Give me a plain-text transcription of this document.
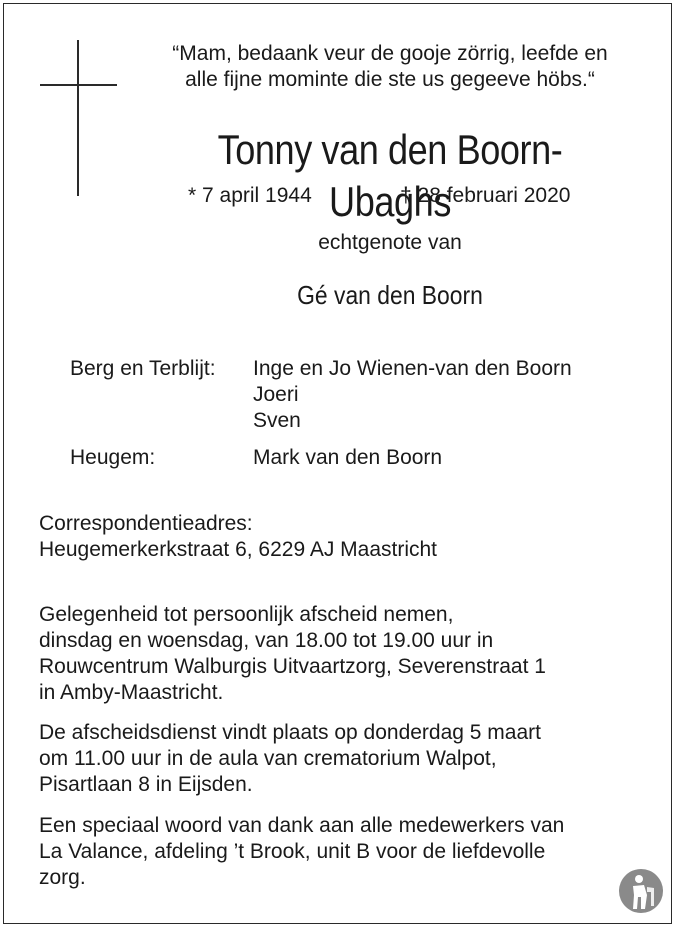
“Mam, bedaank veur de gooje zörrig, leefde en
alle fijne mominte die ste us gegeeve höbs.“
Tonny van den Boorn-Ubaghs
* 7 april 1944	† 28 februari 2020
echtgenote van
Gé van den Boorn
Berg en Terblijt: Inge en Jo Wienen-van den Boorn
Joeri
Sven
Heugem:	Mark van den Boorn
Correspondentieadres:
Heugemerkerkstraat 6, 6229 AJ Maastricht
Gelegenheid tot persoonlijk afscheid nemen,
dinsdag en woensdag, van 18.00 tot 19.00 uur in
Rouwcentrum Walburgis Uitvaartzorg, Severenstraat 1
in Amby-Maastricht.
De afscheidsdienst vindt plaats op donderdag 5 maart
om 11.00 uur in de aula van crematorium Walpot,
Pisartlaan 8 in Eijsden.
Een speciaal woord van dank aan alle medewerkers van
La Valance, afdeling ’t Brook, unit B voor de liefdevolle
zorg.
